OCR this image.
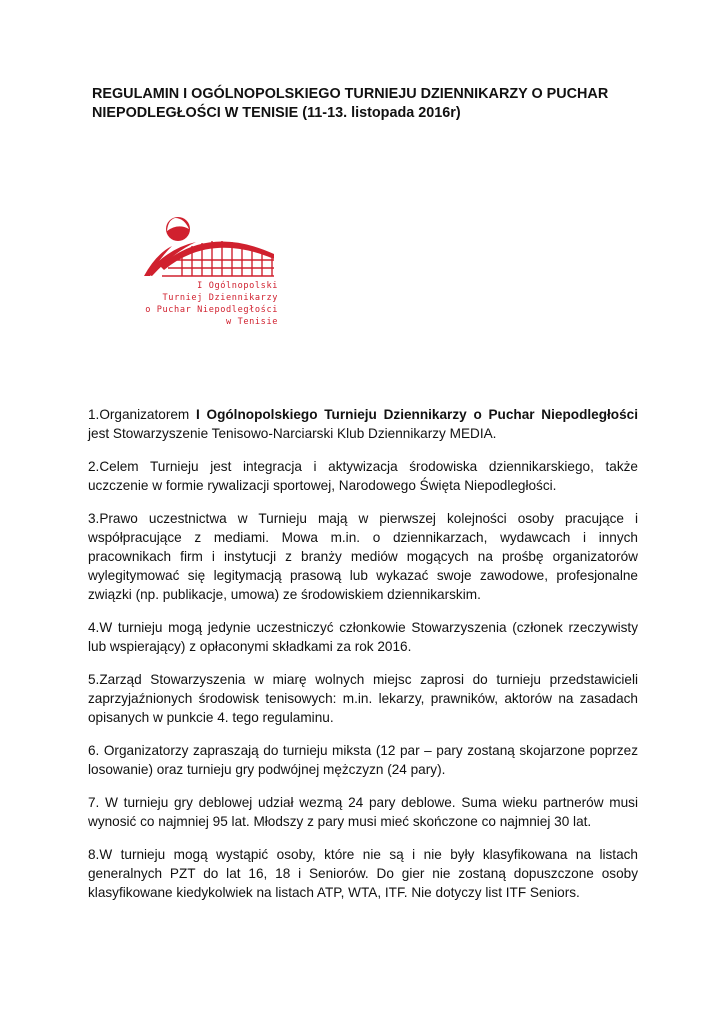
REGULAMIN I OGÓLNOPOLSKIEGO TURNIEJU DZIENNIKARZY O PUCHAR NIEPODLEGŁOŚCI W TENISIE (11-13. listopada 2016r)
I Ogólnopolski
Turniej Dziennikarzy
o Puchar Niepodległości
w Tenisie

1.Organizatorem I Ogólnopolskiego Turnieju Dziennikarzy o Puchar Niepodległości jest Stowarzyszenie Tenisowo-Narciarski Klub Dziennikarzy MEDIA.

2.Celem Turnieju jest integracja i aktywizacja środowiska dziennikarskiego, także uczczenie w formie rywalizacji sportowej, Narodowego Święta Niepodległości.

3.Prawo uczestnictwa w Turnieju mają w pierwszej kolejności osoby pracujące i współpracujące z mediami. Mowa m.in. o dziennikarzach, wydawcach i innych pracownikach firm i instytucji z branży mediów mogących na prośbę organizatorów wylegitymować się legitymacją prasową lub wykazać swoje zawodowe, profesjonalne związki (np. publikacje, umowa) ze środowiskiem dziennikarskim.

4.W turnieju mogą jedynie uczestniczyć członkowie Stowarzyszenia (członek rzeczywisty lub wspierający) z opłaconymi składkami za rok 2016.

5.Zarząd Stowarzyszenia w miarę wolnych miejsc zaprosi do turnieju przedstawicieli zaprzyjaźnionych środowisk tenisowych: m.in. lekarzy, prawników, aktorów na zasadach opisanych w punkcie 4. tego regulaminu.

6. Organizatorzy zapraszają do turnieju miksta (12 par – pary zostaną skojarzone poprzez losowanie) oraz turnieju gry podwójnej mężczyzn (24 pary).

7. W turnieju gry deblowej udział wezmą 24 pary deblowe. Suma wieku partnerów musi wynosić co najmniej 95 lat. Młodszy z pary musi mieć skończone co najmniej 30 lat.

8.W turnieju mogą wystąpić osoby, które nie są i nie były klasyfikowana na listach generalnych PZT do lat 16, 18 i Seniorów. Do gier nie zostaną dopuszczone osoby klasyfikowane kiedykolwiek na listach ATP, WTA, ITF. Nie dotyczy list ITF Seniors.
